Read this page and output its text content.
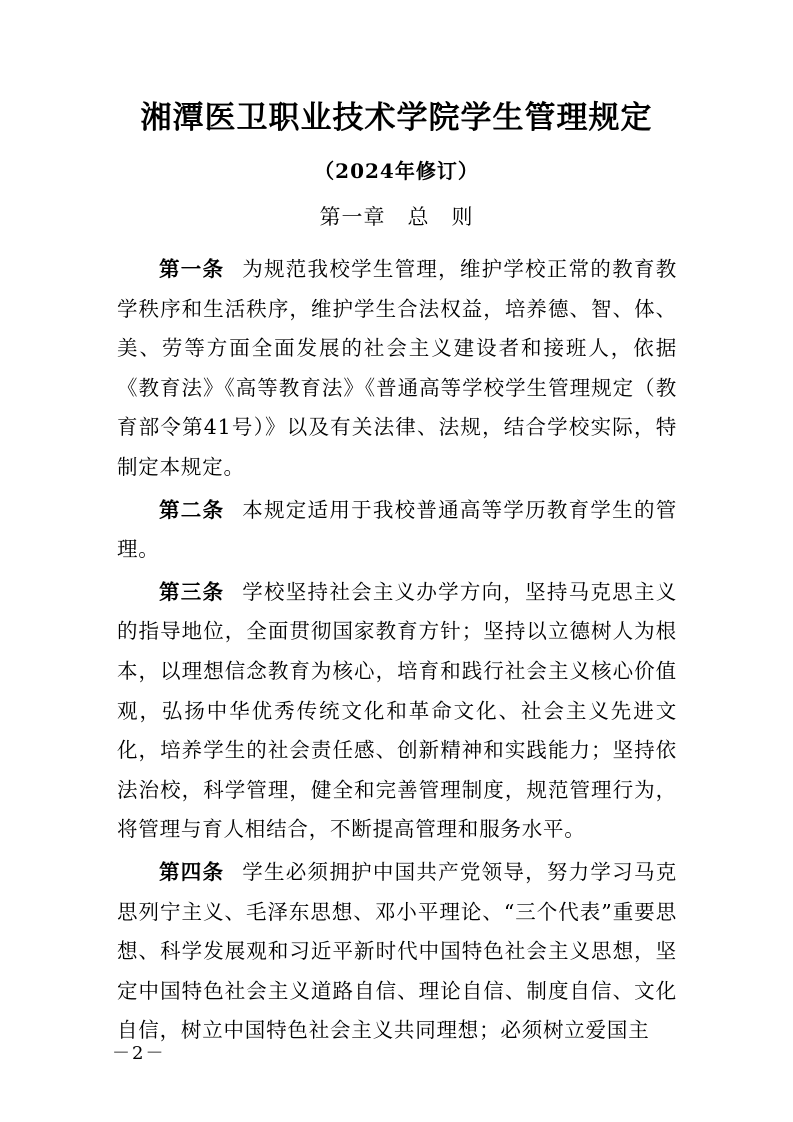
湘潭医卫职业技术学院学生管理规定
（2024年修订）
第一章 总　则

第一条 为规范我校学生管理，维护学校正常的教育教学秩序和生活秩序，维护学生合法权益，培养德、智、体、美、劳等方面全面发展的社会主义建设者和接班人，依据《教育法》《高等教育法》《普通高等学校学生管理规定（教育部令第41号）》以及有关法律、法规，结合学校实际，特制定本规定。

第二条 本规定适用于我校普通高等学历教育学生的管理。

第三条 学校坚持社会主义办学方向，坚持马克思主义的指导地位，全面贯彻国家教育方针；坚持以立德树人为根本，以理想信念教育为核心，培育和践行社会主义核心价值观，弘扬中华优秀传统文化和革命文化、社会主义先进文化，培养学生的社会责任感、创新精神和实践能力；坚持依法治校，科学管理，健全和完善管理制度，规范管理行为，将管理与育人相结合，不断提高管理和服务水平。

第四条 学生必须拥护中国共产党领导，努力学习马克思列宁主义、毛泽东思想、邓小平理论、“三个代表”重要思想、科学发展观和习近平新时代中国特色社会主义思想，坚定中国特色社会主义道路自信、理论自信、制度自信、文化自信，树立中国特色社会主义共同理想；必须树立爱国主

－2－
